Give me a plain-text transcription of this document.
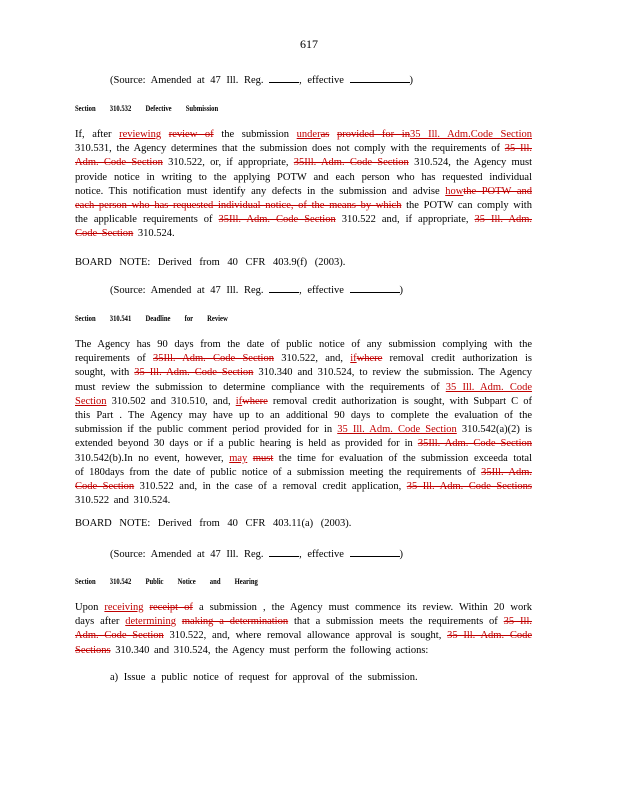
617
(Source: Amended at 47 Ill. Reg.	, effective	)
Section 310.532 Defective Submission
If, after reviewing review of the submission underas provided for in35 Ill. Adm.Code Section 310.531, the Agency determines that the submission does not comply with the requirements of 35 Ill. Adm. Code Section 310.522, or, if appropriate, 35Ill. Adm. Code Section 310.524, the Agency must provide notice in writing to the applying POTW and each person who has requested individual notice. This notification must identify any defects in the submission and advise howthe POTW and each person who has requested individual notice, of the means by which the POTW can comply with the applicable requirements of 35Ill. Adm. Code Section 310.522 and, if appropriate, 35 Ill. Adm. Code Section 310.524.
BOARD NOTE: Derived from 40 CFR 403.9(f) (2003).
(Source: Amended at 47 Ill. Reg.	, effective	)
Section 310.541 Deadline for Review
The Agency has 90 days from the date of public notice of any submission complying with the requirements of 35Ill. Adm. Code Section 310.522, and, ifwhere removal credit authorization is sought, with 35 Ill. Adm. Code Section 310.340 and 310.524, to review the submission. The Agency must review the submission to determine compliance with the requirements of 35 Ill. Adm. Code Section 310.502 and 310.510, and, ifwhere removal credit authorization is sought, with Subpart C of this Part . The Agency may have up to an additional 90 days to complete the evaluation of the submission if the public comment period provided for in 35 Ill. Adm. Code Section 310.542(a)(2) is extended beyond 30 days or if a public hearing is held as provided for in 35Ill. Adm. Code Section 310.542(b).In no event, however, may must the time for evaluation of the submission exceeda total of 180days from the date of public notice of a submission meeting the requirements of 35Ill. Adm. Code Section 310.522 and, in the case of a removal credit application, 35 Ill. Adm. Code Sections 310.522 and 310.524.
BOARD NOTE: Derived from 40 CFR 403.11(a) (2003).
(Source: Amended at 47 Ill. Reg.	, effective	)
Section 310.542 Public Notice and Hearing
Upon receiving receipt of a submission , the Agency must commence its review. Within 20 work days after determining making a determination that a submission meets the requirements of 35 Ill. Adm. Code Section 310.522, and, where removal allowance approval is sought, 35 Ill. Adm. Code Sections 310.340 and 310.524, the Agency must perform the following actions:
a) Issue a public notice of request for approval of the submission.
